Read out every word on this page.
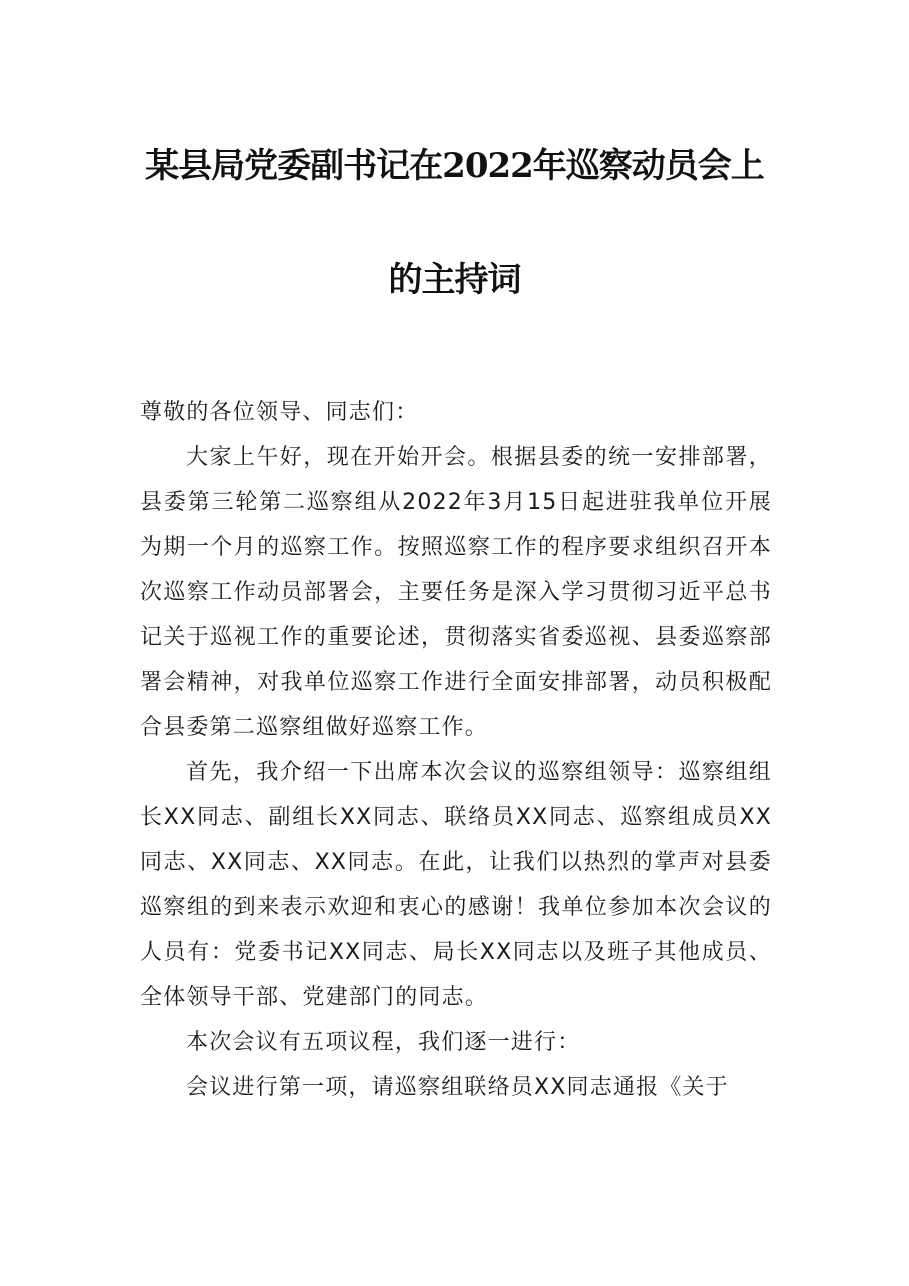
某县局党委副书记在2022年巡察动员会上
的主持词

尊敬的各位领导、同志们：

大家上午好，现在开始开会。根据县委的统一安排部署，县委第三轮第二巡察组从2022年3月15日起进驻我单位开展为期一个月的巡察工作。按照巡察工作的程序要求组织召开本次巡察工作动员部署会，主要任务是深入学习贯彻习近平总书记关于巡视工作的重要论述，贯彻落实省委巡视、县委巡察部署会精神，对我单位巡察工作进行全面安排部署，动员积极配合县委第二巡察组做好巡察工作。

首先，我介绍一下出席本次会议的巡察组领导：巡察组组长XX同志、副组长XX同志、联络员XX同志、巡察组成员XX同志、XX同志、XX同志。在此，让我们以热烈的掌声对县委巡察组的到来表示欢迎和衷心的感谢！我单位参加本次会议的人员有：党委书记XX同志、局长XX同志以及班子其他成员、全体领导干部、党建部门的同志。

本次会议有五项议程，我们逐一进行：

会议进行第一项，请巡察组联络员XX同志通报《关于
